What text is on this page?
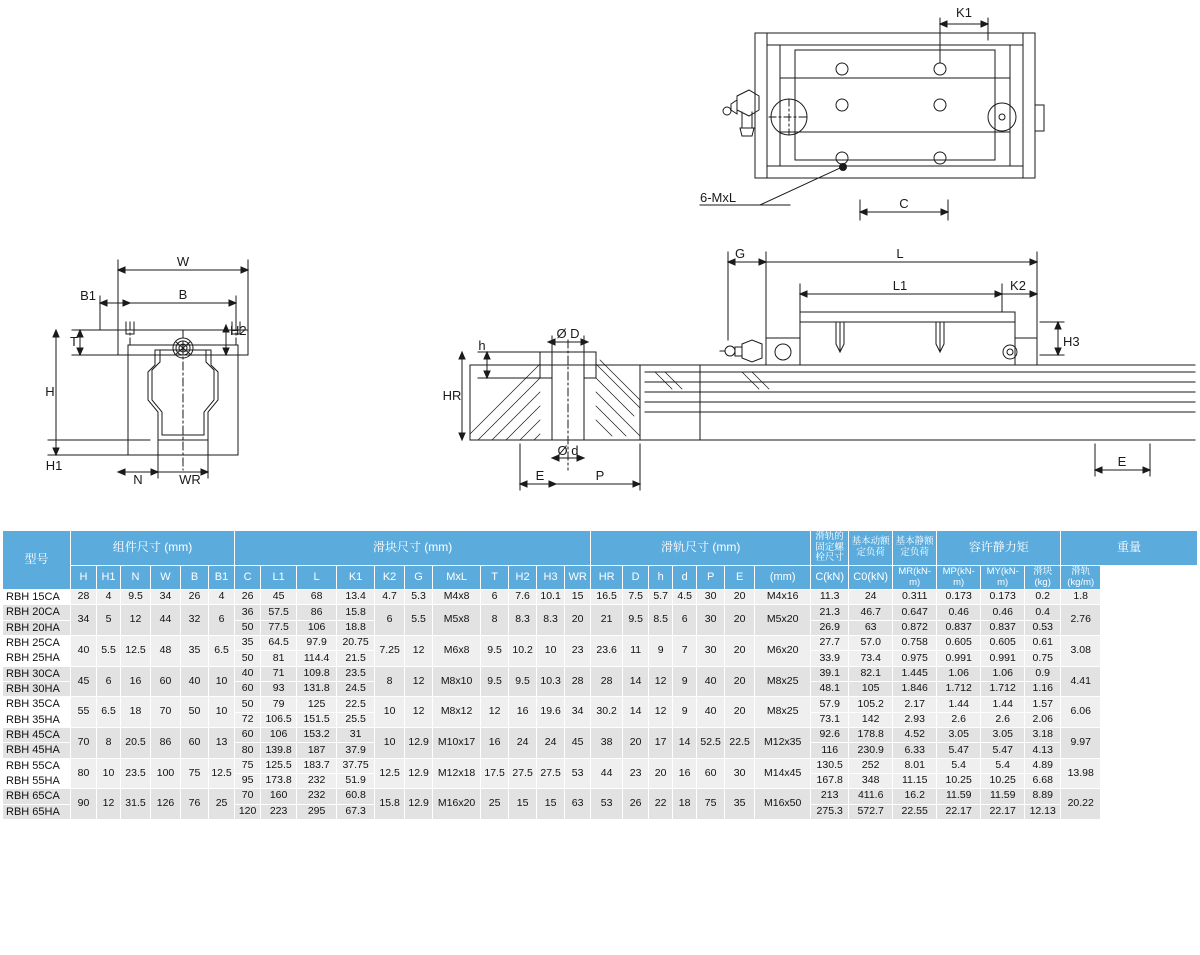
K1
C
6-MxL
W
B1	B
T
H2
H
H1
N	WR
Ø D
h
HR
Ø d
E	P
G	L
L1	K2
H3
E
型号	组件尺寸 (mm)						滑块尺寸 (mm)											滑轨尺寸 (mm)							滑轨的固定螺栓尺寸	基本动额定负荷	基本静额定负荷	容许静力矩			重量
	H	H1	N	W	B	B1	C	L1	L	K1	K2	G	MxL	T	H2	H3	WR	HR	D	h	d	P	E	(mm)	C(kN)	C0(kN)	MR(kN-m)	MP(kN-m)	MY(kN-m)	滑块(kg)	滑轨(kg/m)
RBH 15CA	28	4	9.5	34	26	4	26	45	68	13.4	4.7	5.3	M4x8	6	7.6	10.1	15	16.5	7.5	5.7	4.5	30	20	M4x16	11.3	24	0.311	0.173	0.173	0.2	1.8
RBH 20CA	34	5	12	44	32	6	36	57.5	86	15.8	6	5.5	M5x8	8	8.3	8.3	20	21	9.5	8.5	6	30	20	M5x20	21.3	46.7	0.647	0.46	0.46	0.4	2.76
RBH 20HA							50	77.5	106	18.8															26.9	63	0.872	0.837	0.837	0.53	
RBH 25CA	40	5.5	12.5	48	35	6.5	35	64.5	97.9	20.75	7.25	12	M6x8	9.5	10.2	10	23	23.6	11	9	7	30	20	M6x20	27.7	57.0	0.758	0.605	0.605	0.61	3.08
RBH 25HA							50	81	114.4	21.5															33.9	73.4	0.975	0.991	0.991	0.75	
RBH 30CA	45	6	16	60	40	10	40	71	109.8	23.5	8	12	M8x10	9.5	9.5	10.3	28	28	14	12	9	40	20	M8x25	39.1	82.1	1.445	1.06	1.06	0.9	4.41
RBH 30HA							60	93	131.8	24.5															48.1	105	1.846	1.712	1.712	1.16	
RBH 35CA	55	6.5	18	70	50	10	50	79	125	22.5	10	12	M8x12	12	16	19.6	34	30.2	14	12	9	40	20	M8x25	57.9	105.2	2.17	1.44	1.44	1.57	6.06
RBH 35HA							72	106.5	151.5	25.5															73.1	142	2.93	2.6	2.6	2.06	
RBH 45CA	70	8	20.5	86	60	13	60	106	153.2	31	10	12.9	M10x17	16	24	24	45	38	20	17	14	52.5	22.5	M12x35	92.6	178.8	4.52	3.05	3.05	3.18	9.97
RBH 45HA							80	139.8	187	37.9															116	230.9	6.33	5.47	5.47	4.13	
RBH 55CA	80	10	23.5	100	75	12.5	75	125.5	183.7	37.75	12.5	12.9	M12x18	17.5	27.5	27.5	53	44	23	20	16	60	30	M14x45	130.5	252	8.01	5.4	5.4	4.89	13.98
RBH 55HA							95	173.8	232	51.9															167.8	348	11.15	10.25	10.25	6.68	
RBH 65CA	90	12	31.5	126	76	25	70	160	232	60.8	15.8	12.9	M16x20	25	15	15	63	53	26	22	18	75	35	M16x50	213	411.6	16.2	11.59	11.59	8.89	20.22
RBH 65HA							120	223	295	67.3															275.3	572.7	22.55	22.17	22.17	12.13	
